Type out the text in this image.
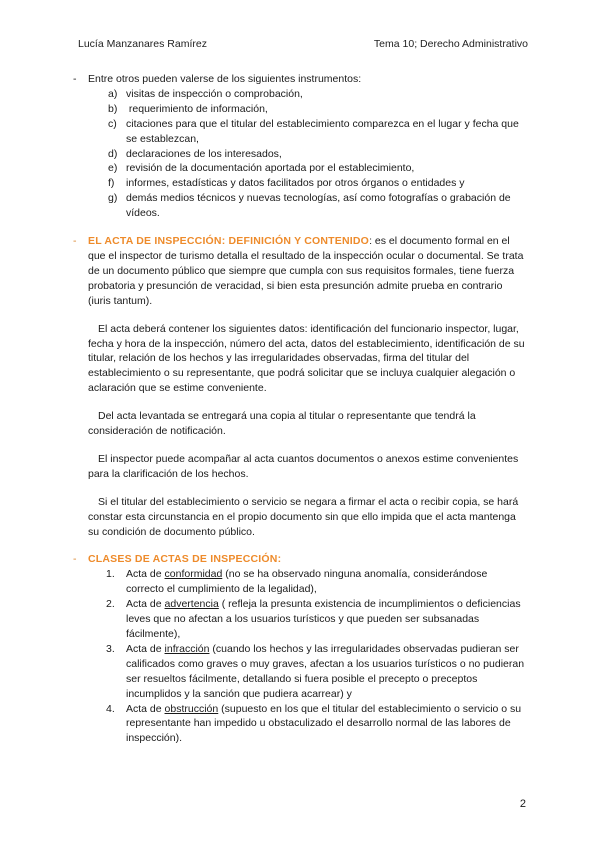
Lucía Manzanares Ramírez	Tema 10; Derecho Administrativo
- Entre otros pueden valerse de los siguientes instrumentos:

a) visitas de inspección o comprobación,
b) requerimiento de información,
c) citaciones para que el titular del establecimiento comparezca en el lugar y fecha que se establezcan,
d) declaraciones de los interesados,
e) revisión de la documentación aportada por el establecimiento,
f) informes, estadísticas y datos facilitados por otros órganos o entidades y
g) demás medios técnicos y nuevas tecnologías, así como fotografías o grabación de vídeos.
- EL ACTA DE INSPECCIÓN: DEFINICIÓN Y CONTENIDO: es el documento formal en el que el inspector de turismo detalla el resultado de la inspección ocular o documental. Se trata de un documento público que siempre que cumpla con sus requisitos formales, tiene fuerza probatoria y presunción de veracidad, si bien esta presunción admite prueba en contrario (iuris tantum).

El acta deberá contener los siguientes datos: identificación del funcionario inspector, lugar, fecha y hora de la inspección, número del acta, datos del establecimiento, identificación de su titular, relación de los hechos y las irregularidades observadas, firma del titular del establecimiento o su representante, que podrá solicitar que se incluya cualquier alegación o aclaración que se estime conveniente.

Del acta levantada se entregará una copia al titular o representante que tendrá la consideración de notificación.

El inspector puede acompañar al acta cuantos documentos o anexos estime convenientes para la clarificación de los hechos.

Si el titular del establecimiento o servicio se negara a firmar el acta o recibir copia, se hará constar esta circunstancia en el propio documento sin que ello impida que el acta mantenga su condición de documento público.

- CLASES DE ACTAS DE INSPECCIÓN:

1. Acta de conformidad (no se ha observado ninguna anomalía, considerándose correcto el cumplimiento de la legalidad),
2. Acta de advertencia ( refleja la presunta existencia de incumplimientos o deficiencias leves que no afectan a los usuarios turísticos y que pueden ser subsanadas fácilmente),
3. Acta de infracción (cuando los hechos y las irregularidades observadas pudieran ser calificados como graves o muy graves, afectan a los usuarios turísticos o no pudieran ser resueltos fácilmente, detallando si fuera posible el precepto o preceptos incumplidos y la sanción que pudiera acarrear) y
4. Acta de obstrucción (supuesto en los que el titular del establecimiento o servicio o su representante han impedido u obstaculizado el desarrollo normal de las labores de inspección).
2
